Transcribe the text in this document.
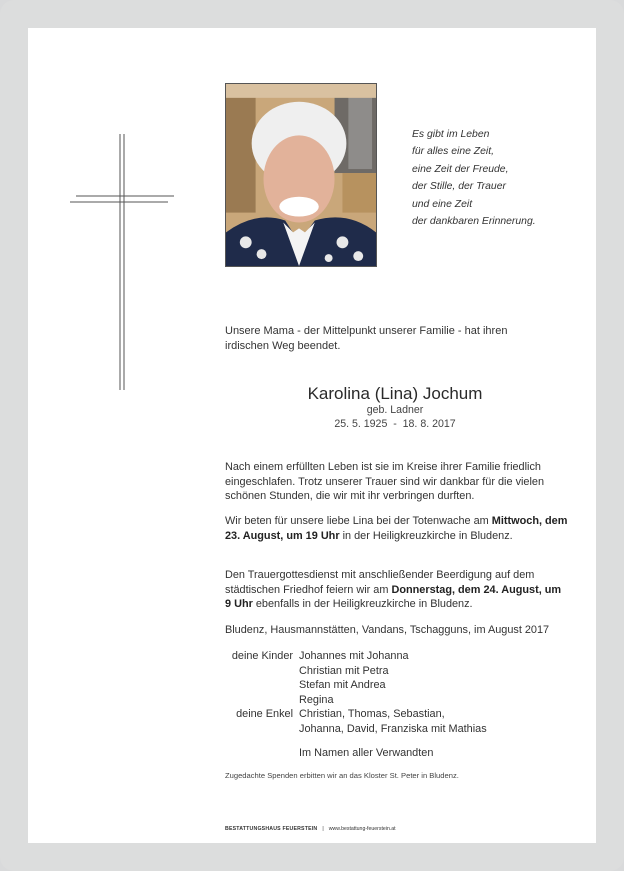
Es gibt im Leben
für alles eine Zeit,
eine Zeit der Freude,
der Stille, der Trauer
und eine Zeit
der dankbaren Erinnerung.
Unsere Mama - der Mittelpunkt unserer Familie - hat ihren irdischen Weg beendet.
Karolina (Lina) Jochum
geb. Ladner
25. 5. 1925  -  18. 8. 2017
Nach einem erfüllten Leben ist sie im Kreise ihrer Familie friedlich eingeschlafen. Trotz unserer Trauer sind wir dankbar für die vielen schönen Stunden, die wir mit ihr verbringen durften.
Wir beten für unsere liebe Lina bei der Totenwache am Mittwoch, dem 23. August, um 19 Uhr in der Heiligkreuzkirche in Bludenz.
Den Trauergottesdienst mit anschließender Beerdigung auf dem städtischen Friedhof feiern wir am Donnerstag, dem 24. August, um 9 Uhr ebenfalls in der Heiligkreuzkirche in Bludenz.
Bludenz, Hausmannstätten, Vandans, Tschagguns, im August 2017
deine Kinder Johannes mit Johanna
Christian mit Petra
Stefan mit Andrea
Regina
deine Enkel Christian, Thomas, Sebastian,
Johanna, David, Franziska mit Mathias
Im Namen aller Verwandten
Zugedachte Spenden erbitten wir an das Kloster St. Peter in Bludenz.
BESTATTUNGSHAUS FEUERSTEIN | www.bestattung-feuerstein.at
